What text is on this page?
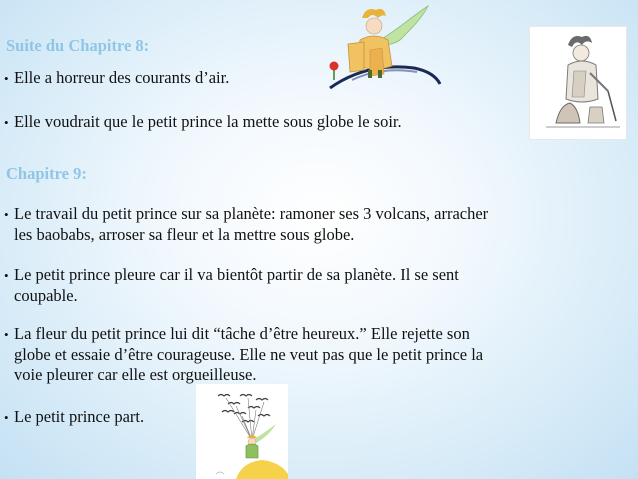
Suite du Chapitre 8:

• Elle a horreur des courants d’air.

• Elle voudrait que le petit prince la mette sous globe le soir.

Chapitre 9:

• Le travail du petit prince sur sa planète: ramoner ses 3 volcans, arracher
les baobabs, arroser sa fleur et la mettre sous globe.

• Le petit prince pleure car il va bientôt partir de sa planète. Il se sent
coupable.

• La fleur du petit prince lui dit “tâche d’être heureux.” Elle rejette son
globe et essaie d’être courageuse. Elle ne veut pas que le petit prince la
voie pleurer car elle est orgueilleuse.

• Le petit prince part.
